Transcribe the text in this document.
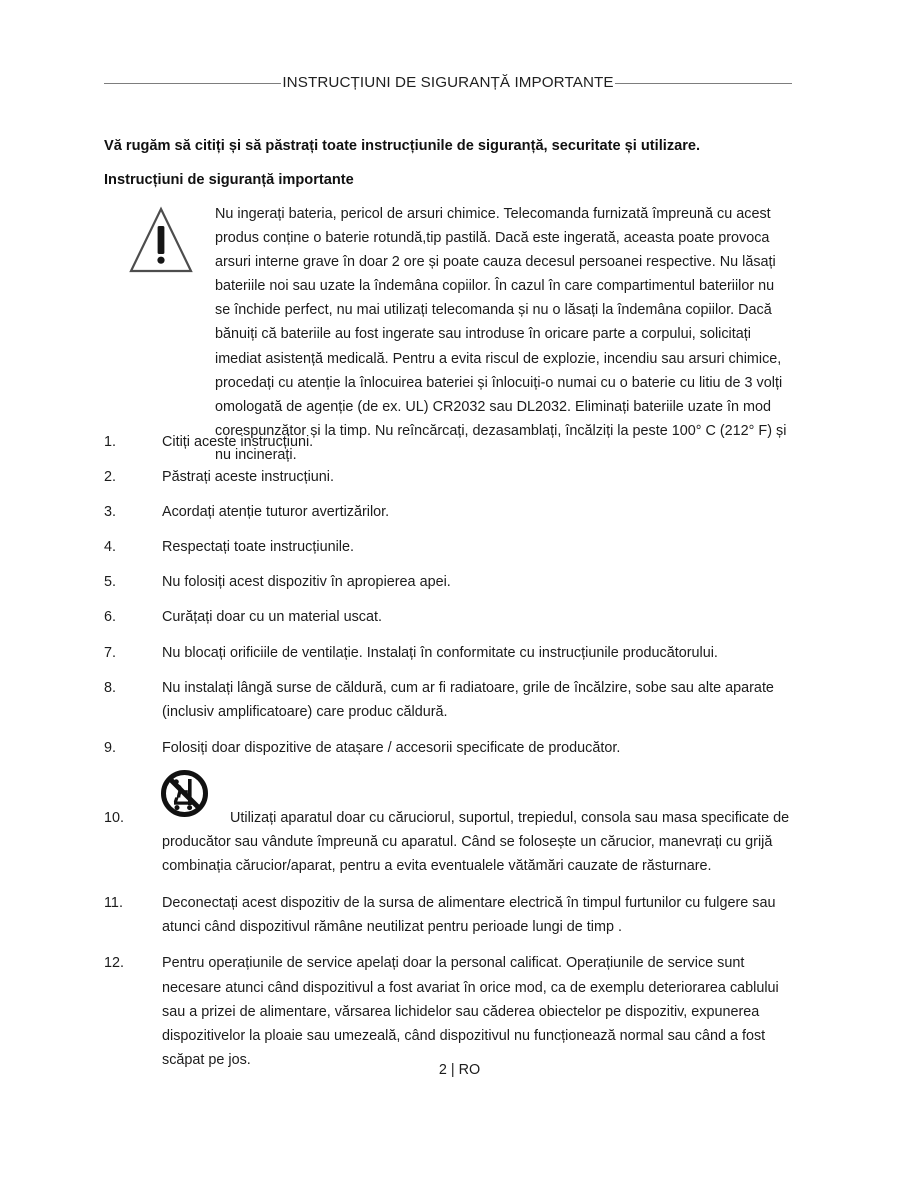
INSTRUCȚIUNI DE SIGURANȚĂ IMPORTANTE
Vă rugăm să citiți și să păstrați toate instrucțiunile de siguranță, securitate și utilizare.
Instrucțiuni de siguranță importante
Nu ingerați bateria, pericol de arsuri chimice. Telecomanda furnizată împreună cu acest produs conține o baterie rotundă,tip pastilă. Dacă este ingerată, aceasta poate provoca arsuri interne grave în doar 2 ore și poate cauza decesul persoanei respective. Nu lăsați bateriile noi sau uzate la îndemâna copiilor. În cazul în care compartimentul bateriilor nu se închide perfect, nu mai utilizați telecomanda și nu o lăsați la îndemâna copiilor. Dacă bănuiți că bateriile au fost ingerate sau introduse în oricare parte a corpului, solicitați imediat asistență medicală. Pentru a evita riscul de explozie, incendiu sau arsuri chimice, procedați cu atenție la înlocuirea bateriei și înlocuiți-o numai cu o baterie cu litiu de 3 volți omologată de agenție (de ex. UL) CR2032 sau DL2032. Eliminați bateriile uzate în mod corespunzător și la timp. Nu reîncărcați, dezasamblați, încălziți la peste 100° C (212° F) și nu incinerați.
1.	Citiți aceste instrucțiuni.
2.	Păstrați aceste instrucțiuni.
3.	Acordați atenție tuturor avertizărilor.
4.	Respectați toate instrucțiunile.
5.	Nu folosiți acest dispozitiv în apropierea apei.
6.	Curățați doar cu un material uscat.
7.	Nu blocați orificiile de ventilație. Instalați în conformitate cu instrucțiunile producătorului.
8.	Nu instalați lângă surse de căldură, cum ar fi radiatoare, grile de încălzire, sobe sau alte aparate (inclusiv amplificatoare) care produc căldură.
9.	Folosiți doar dispozitive de atașare / accesorii specificate de producător.
10.	Utilizați aparatul doar cu căruciorul, suportul, trepiedul, consola sau masa specificate de producător sau vândute împreună cu aparatul. Când se folosește un cărucior, manevrați cu grijă combinația cărucior/aparat, pentru a evita eventualele vătămări cauzate de răsturnare.
11.	Deconectați acest dispozitiv de la sursa de alimentare electrică în timpul furtunilor cu fulgere sau atunci când dispozitivul rămâne neutilizat pentru perioade lungi de timp .
12.	Pentru operațiunile de service apelați doar la personal calificat. Operațiunile de service sunt necesare atunci când dispozitivul a fost avariat în orice mod, ca de exemplu deteriorarea cablului sau a prizei de alimentare, vărsarea lichidelor sau căderea obiectelor pe dispozitiv, expunerea dispozitivelor la ploaie sau umezeală, când dispozitivul nu funcționează normal sau când a fost scăpat pe jos.
2 | RO
